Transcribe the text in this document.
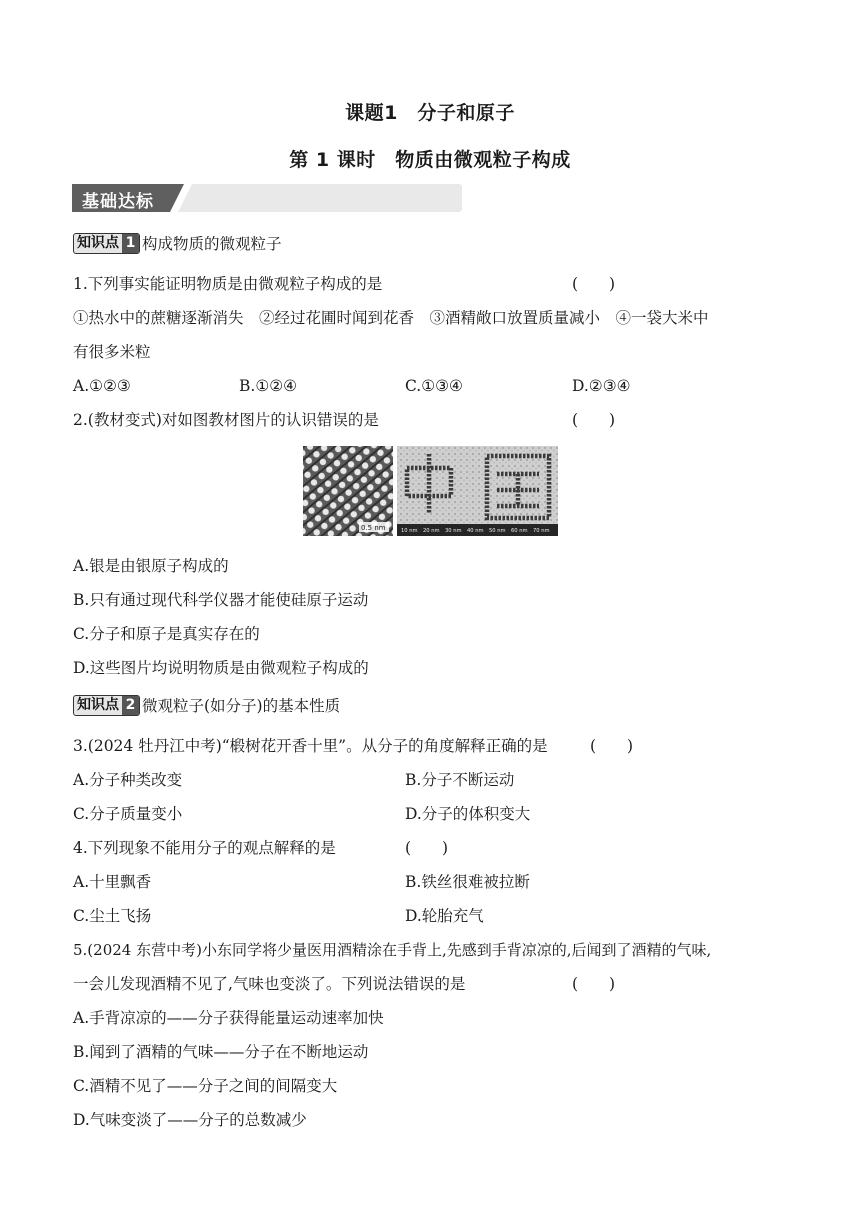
课题1　分子和原子
第 1 课时　物质由微观粒子构成
基础达标
知识点 1 构成物质的微观粒子
1.下列事实能证明物质是由微观粒子构成的是	(　　)
①热水中的蔗糖逐渐消失　②经过花圃时闻到花香　③酒精敞口放置质量减小　④一袋大米中
有很多米粒
A.①②③	B.①②④	C.①③④	D.②③④
2.(教材变式)对如图教材图片的认识错误的是	(　　)
0.5 nm	10 nm 20 nm 30 nm 40 nm 50 nm 60 nm 70 nm
A.银是由银原子构成的
B.只有通过现代科学仪器才能使硅原子运动
C.分子和原子是真实存在的
D.这些图片均说明物质是由微观粒子构成的
知识点 2 微观粒子(如分子)的基本性质
3.(2024 牡丹江中考)“椴树花开香十里”。从分子的角度解释正确的是	(　　)
A.分子种类改变	B.分子不断运动
C.分子质量变小	D.分子的体积变大
4.下列现象不能用分子的观点解释的是	(　　)
A.十里飘香	B.铁丝很难被拉断
C.尘土飞扬	D.轮胎充气
5.(2024 东营中考)小东同学将少量医用酒精涂在手背上,先感到手背凉凉的,后闻到了酒精的气味,
一会儿发现酒精不见了,气味也变淡了。下列说法错误的是	(　　)
A.手背凉凉的——分子获得能量运动速率加快
B.闻到了酒精的气味——分子在不断地运动
C.酒精不见了——分子之间的间隔变大
D.气味变淡了——分子的总数减少
